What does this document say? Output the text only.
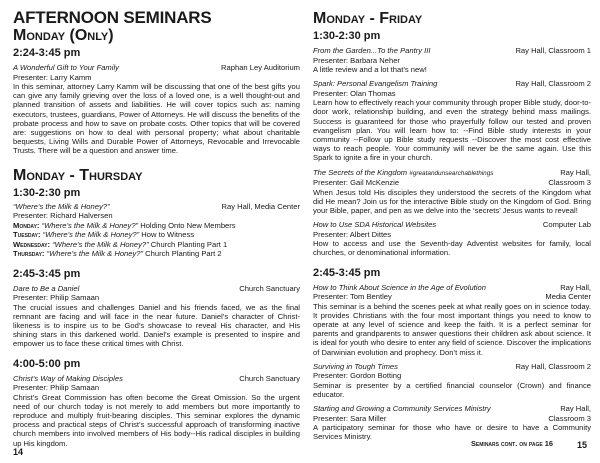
AFTERNOON SEMINARS
Monday (Only)
2:24-3:45 pm
A Wonderful Gift to Your Family	Raphan Ley Auditorium
Presenter: Larry Kamm
In this seminar, attorney Larry Kamm will be discussing that one of the best gifts you can give any family grieving over the loss of a loved one, is a well thought-out and planned transition of assets and liabilities. He will cover topics such as: naming executors, trustees, guardians, Power of Attorneys. He will discuss the benefits of the probate process and how to save on probate costs. Other topics that will be covered are: suggestions on how to deal with personal property; what about charitable bequests, Living Wills and Durable Power of Attorneys, Revocable and Irrevocable Trusts. There will be a question and answer time.
Monday - Thursday
1:30-2:30 pm
“Where’s the Milk & Honey?”	Ray Hall, Media Center
Presenter: Richard Halversen
Monday: “Where’s the Milk & Honey?” Holding Onto New Members
Tuesday: “Where’s the Milk & Honey?” How to Witness
Wednesday: “Where’s the Milk & Honey?” Church Planting Part 1
Thursday: “Where’s the Milk & Honey?” Church Planting Part 2
2:45-3:45 pm
Dare to Be a Daniel	Church Sanctuary
Presenter: Philip Samaan
The crucial issues and challenges Daniel and his friends faced, we as the final remnant are facing and will face in the near future. Daniel’s character of Christ-likeness is to inspire us to be God’s showcase to reveal His character, and His shining stars in this darkened world. Daniel’s example is presented to inspire and empower us to face these critical times with Christ.
4:00-5:00 pm
Christ’s Way of Making Disciples	Church Sanctuary
Presenter: Philip Samaan
Christ’s Great Commission has often become the Great Omission. So the urgent need of our church today is not merely to add members but more importantly to reproduce and multiply fruit-bearing disciples. This seminar explores the dynamic process and practical steps of Christ’s successful approach of transforming inactive church members into involved members of His body--His radical disciples in building up His kingdom.
14
Monday - Friday
1:30-2:30 pm
From the Garden...To the Pantry III	Ray Hall, Classroom 1
Presenter: Barbara Neher
A little review and a lot that’s new!
Spark: Personal Evangelism Training	Ray Hall, Classroom 2
Presenter: Olan Thomas
Learn how to effectively reach your community through proper Bible study, door-to-door work, relationship building, and even the strategy behind mass mailings. Success is guaranteed for those who prayerfully follow our tested and proven evangelism plan. You will learn how to: --Find Bible study interests in your community --Follow up Bible study requests --Discover the most cost effective ways to reach people. Your community will never be the same again. Use this Spark to ignite a fire in your church.
The Secrets of the Kingdom #greatandunsearchablethings	Ray Hall,
Presenter: Gail McKenzie	Classroom 3
When Jesus told His disciples they understood the secrets of the Kingdom what did He mean? Join us for the interactive Bible study on the Kingdom of God. Bring your Bible, paper, and pen as we delve into the ‘secrets’ Jesus wants to reveal!
How to Use SDA Historical Websites	Computer Lab
Presenter: Albert Dittes
How to access and use the Seventh-day Adventist websites for family, local churches, or denominational information.
2:45-3:45 pm
How to Think About Science in the Age of Evolution	Ray Hall,
Presenter: Tom Bentley	Media Center
This seminar is a behind the scenes peek at what really goes on in science today. It provides Christians with the four most important things you need to know to operate at any level of science and keep the faith. It is a perfect seminar for parents and grandparents to answer questions their children ask about science. It is ideal for youth who desire to enter any field of science. Discover the implications of Darwinian evolution and prophecy. Don’t miss it.
Surviving in Tough Times	Ray Hall, Classroom 2
Presenter: Gordon Botting
Seminar is presenter by a certified financial counselor (Crown) and finance educator.
Starting and Growing a Community Services Ministry	Ray Hall,
Presenter: Sara Miller	Classroom 3
A participatory seminar for those who have or desire to have a Community Services Ministry.
Seminars cont. on page 16	15
